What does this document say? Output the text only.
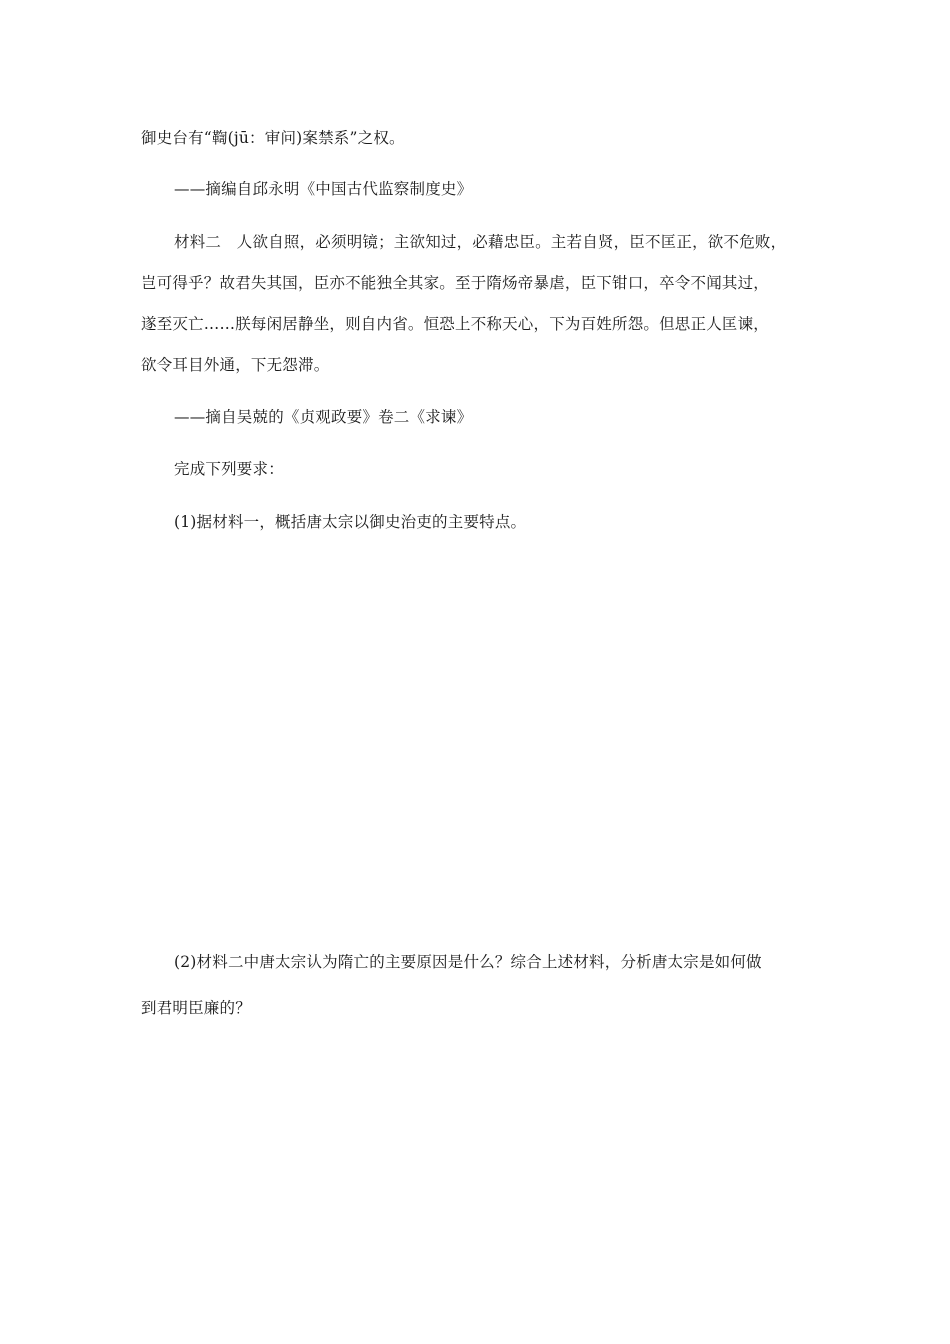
御史台有“鞫(jū：审问)案禁系”之权。
——摘编自邱永明《中国古代监察制度史》
材料二　人欲自照，必须明镜；主欲知过，必藉忠臣。主若自贤，臣不匡正，欲不危败，
岂可得乎？故君失其国，臣亦不能独全其家。至于隋炀帝暴虐，臣下钳口，卒令不闻其过，
遂至灭亡……朕每闲居静坐，则自内省。恒恐上不称天心，下为百姓所怨。但思正人匡谏，
欲令耳目外通，下无怨滞。
——摘自吴兢的《贞观政要》卷二《求谏》
完成下列要求：
(1)据材料一，概括唐太宗以御史治吏的主要特点。
(2)材料二中唐太宗认为隋亡的主要原因是什么？综合上述材料，分析唐太宗是如何做
到君明臣廉的？
